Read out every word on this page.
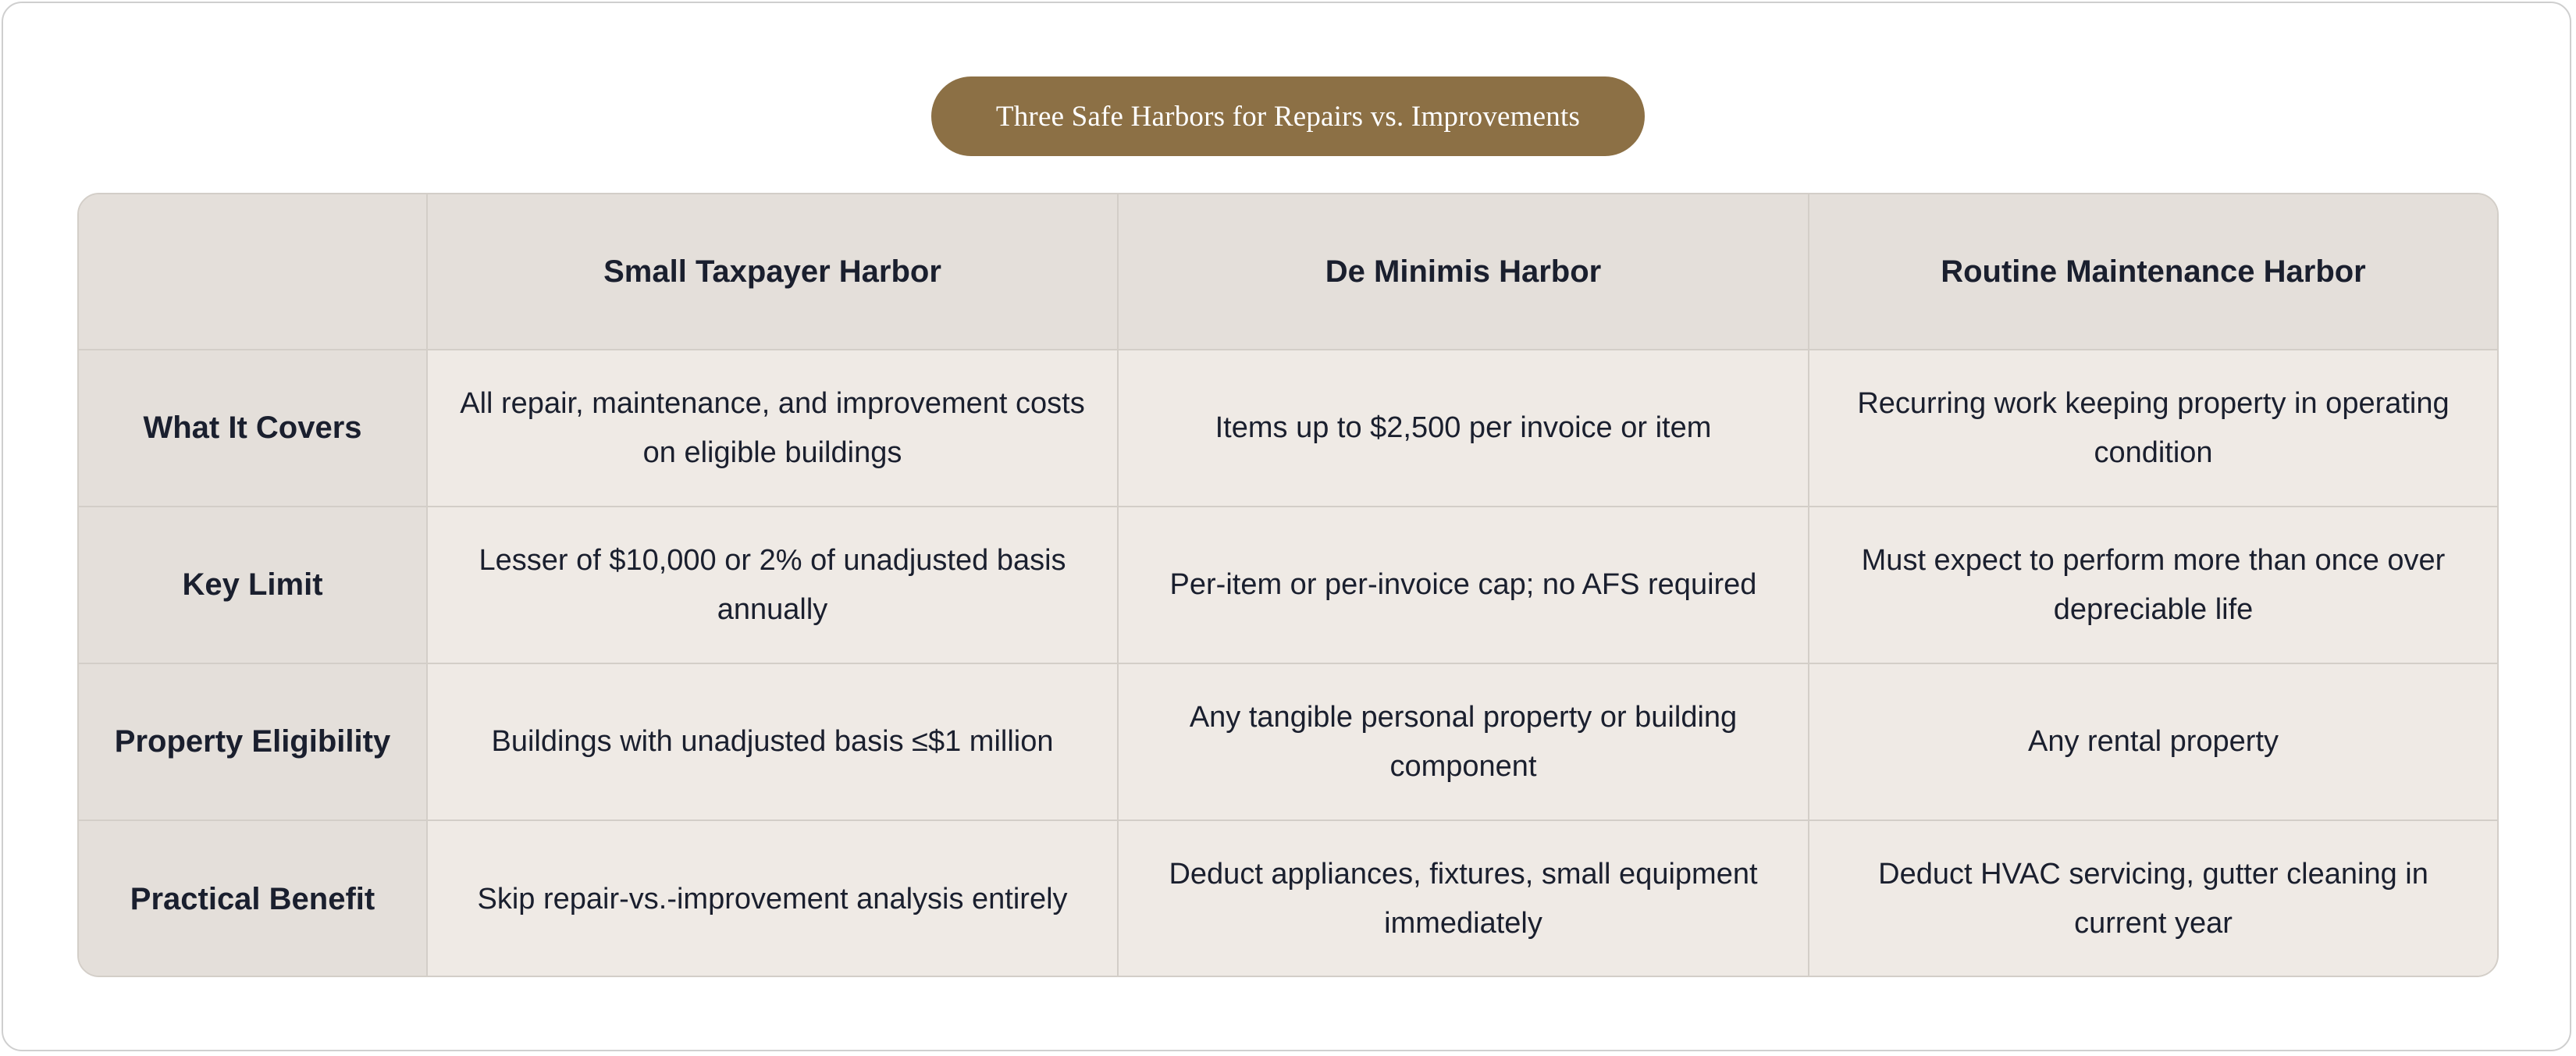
Three Safe Harbors for Repairs vs. Improvements
	Small Taxpayer Harbor	De Minimis Harbor	Routine Maintenance Harbor
What It Covers	All repair, maintenance, and improvement costs on eligible buildings	Items up to $2,500 per invoice or item	Recurring work keeping property in operating condition
Key Limit	Lesser of $10,000 or 2% of unadjusted basis annually	Per-item or per-invoice cap; no AFS required	Must expect to perform more than once over depreciable life
Property Eligibility	Buildings with unadjusted basis ≤$1 million	Any tangible personal property or building component	Any rental property
Practical Benefit	Skip repair-vs.-improvement analysis entirely	Deduct appliances, fixtures, small equipment immediately	Deduct HVAC servicing, gutter cleaning in current year
